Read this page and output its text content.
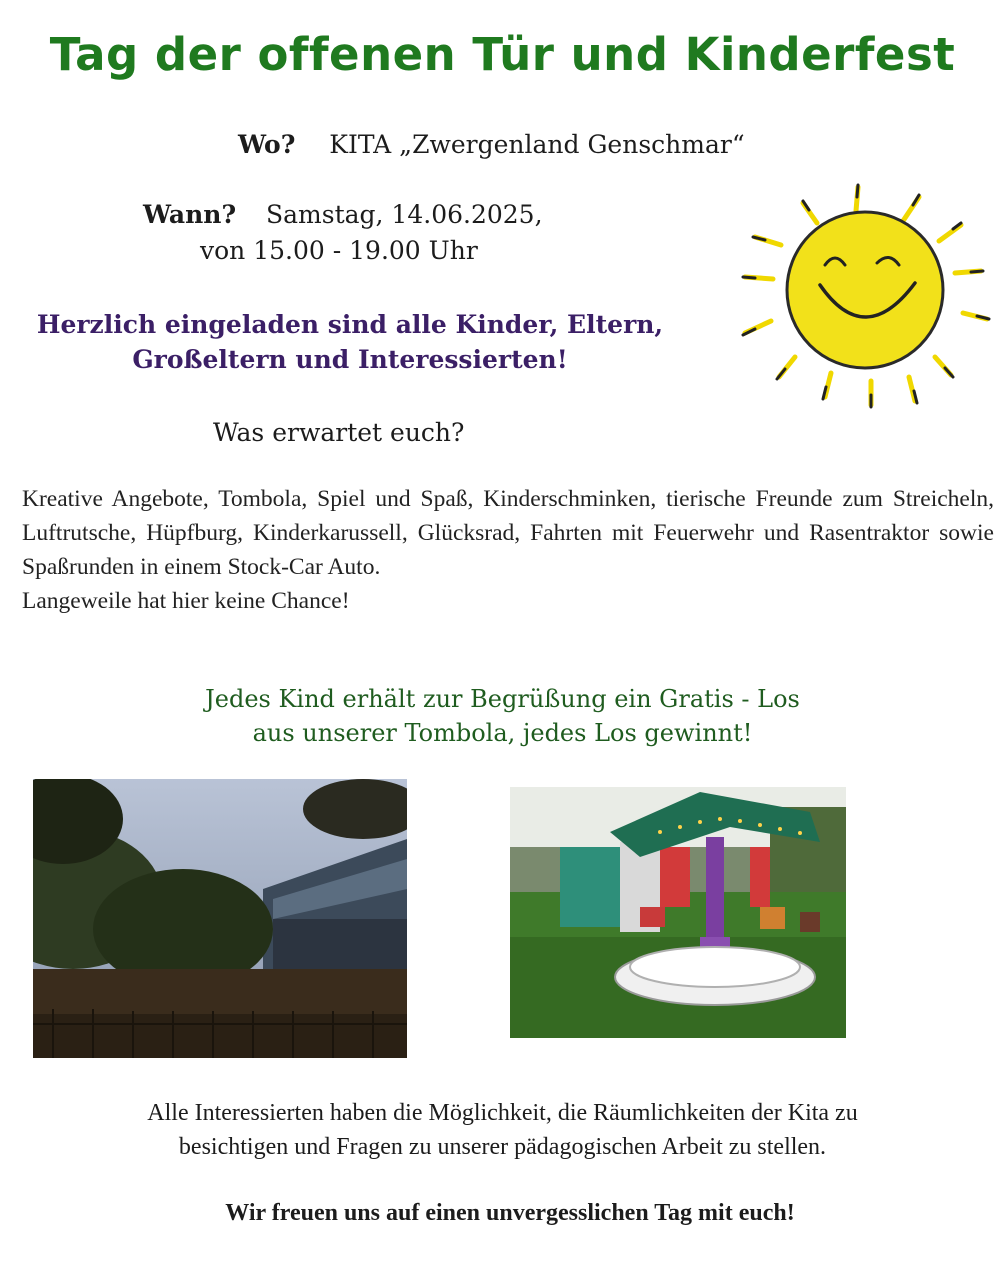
Tag der offenen Tür und Kinderfest
Wo? KITA „Zwergenland Genschmar“
Wann? Samstag, 14.06.2025,
von 15.00 - 19.00 Uhr
Herzlich eingeladen sind alle Kinder, Eltern,
Großeltern und Interessierten!
Was erwartet euch?

Kreative Angebote, Tombola, Spiel und Spaß, Kinderschminken, tierische Freunde zum Streicheln, Luftrutsche, Hüpfburg, Kinderkarussell, Glücksrad, Fahrten mit Feuerwehr und Rasentraktor sowie Spaßrunden in einem Stock-Car Auto.

Langeweile hat hier keine Chance!

Jedes Kind erhält zur Begrüßung ein Gratis - Los
aus unserer Tombola, jedes Los gewinnt!
Alle Interessierten haben die Möglichkeit, die Räumlichkeiten der Kita zu
besichtigen und Fragen zu unserer pädagogischen Arbeit zu stellen.
Wir freuen uns auf einen unvergesslichen Tag mit euch!
